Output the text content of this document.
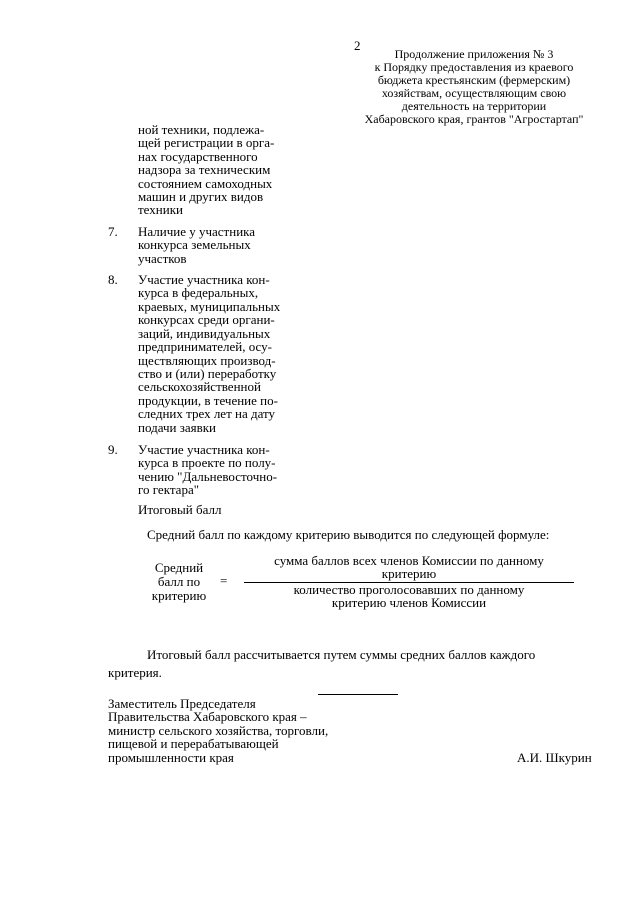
2
Продолжение приложения № 3
к Порядку предоставления из краевого
бюджета крестьянским (фермерским)
хозяйствам, осуществляющим свою
деятельность на территории
Хабаровского края, грантов "Агростартап"
ной техники, подлежа-
щей регистрации в орга-
нах государственного
надзора за техническим
состоянием самоходных
машин и других видов
техники
7.	Наличие у участника
конкурса земельных
участков
8.	Участие участника кон-
курса в федеральных,
краевых, муниципальных
конкурсах среди органи-
заций, индивидуальных
предпринимателей, осу-
ществляющих производ-
ство и (или) переработку
сельскохозяйственной
продукции, в течение по-
следних трех лет на дату
подачи заявки
9.	Участие участника кон-
курса в проекте по полу-
чению "Дальневосточно-
го гектара"
Итоговый балл
Средний балл по каждому критерию выводится по следующей формуле:
Средний
балл по
критерию
=
сумма баллов всех членов Комиссии по данному
критерию
количество проголосовавших по данному
критерию членов Комиссии
Итоговый балл рассчитывается путем суммы средних баллов каждого
критерия.
Заместитель Председателя
Правительства Хабаровского края –
министр сельского хозяйства, торговли,
пищевой и перерабатывающей
промышленности края	А.И. Шкурин
